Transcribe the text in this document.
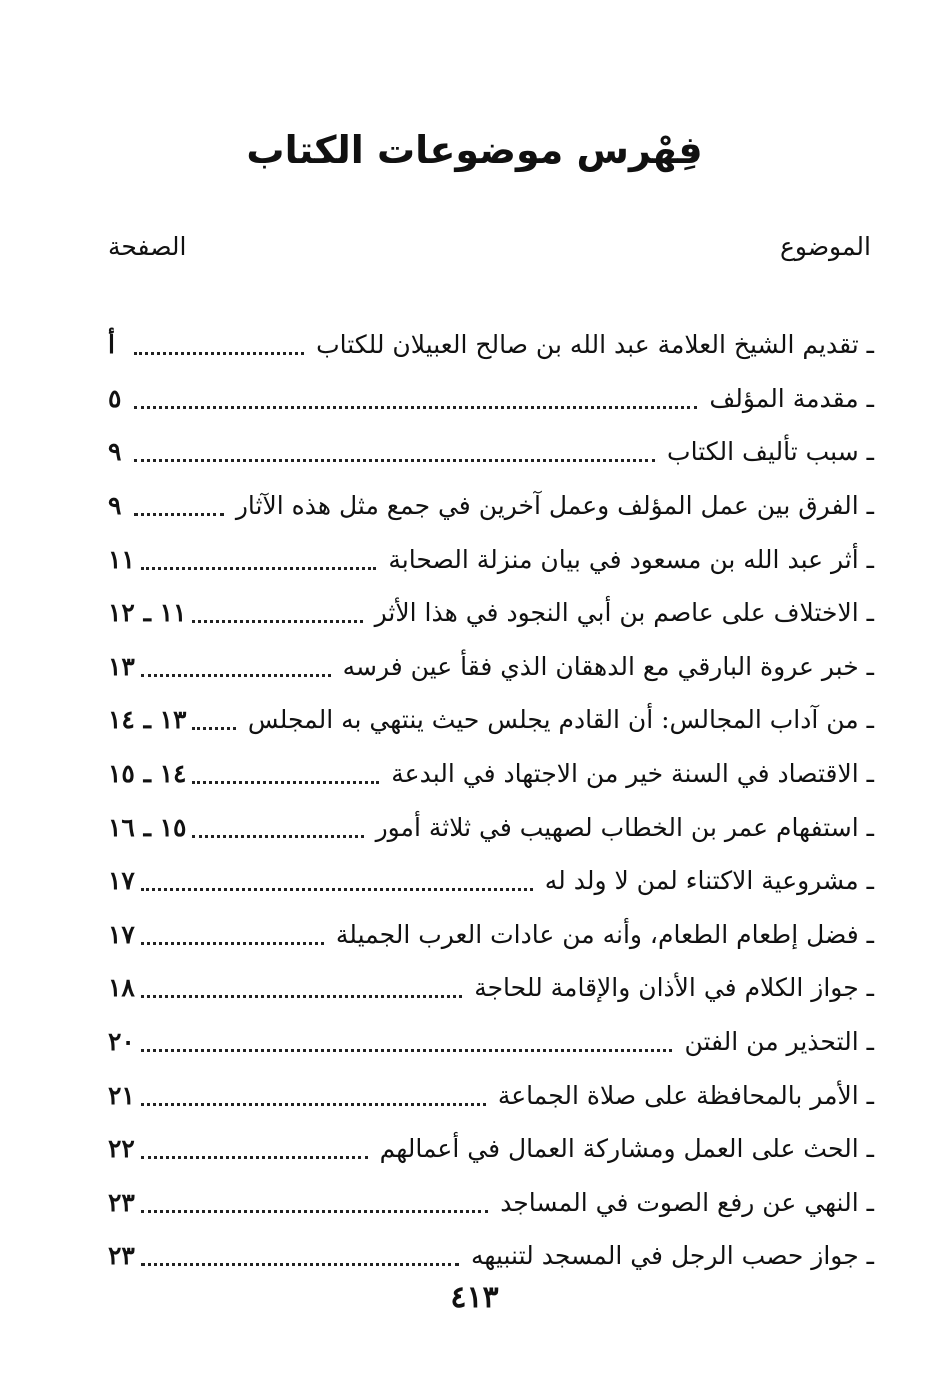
فِهْرس موضوعات الكتاب
الموضوع
الصفحة
ـ
تقديم الشيخ العلامة عبد الله بن صالح العبيلان للكتاب
أ
ـ
مقدمة المؤلف
٥
ـ
سبب تأليف الكتاب
٩
ـ
الفرق بين عمل المؤلف وعمل آخرين في جمع مثل هذه الآثار
٩
ـ
أثر عبد الله بن مسعود في بيان منزلة الصحابة
١١
ـ
الاختلاف على عاصم بن أبي النجود في هذا الأثر
١١ ـ ١٢
ـ
خبر عروة البارقي مع الدهقان الذي فقأ عين فرسه
١٣
ـ
من آداب المجالس: أن القادم يجلس حيث ينتهي به المجلس
١٣ ـ ١٤
ـ
الاقتصاد في السنة خير من الاجتهاد في البدعة
١٤ ـ ١٥
ـ
استفهام عمر بن الخطاب لصهيب في ثلاثة أمور
١٥ ـ ١٦
ـ
مشروعية الاكتناء لمن لا ولد له
١٧
ـ
فضل إطعام الطعام، وأنه من عادات العرب الجميلة
١٧
ـ
جواز الكلام في الأذان والإقامة للحاجة
١٨
ـ
التحذير من الفتن
٢٠
ـ
الأمر بالمحافظة على صلاة الجماعة
٢١
ـ
الحث على العمل ومشاركة العمال في أعمالهم
٢٢
ـ
النهي عن رفع الصوت في المساجد
٢٣
ـ
جواز حصب الرجل في المسجد لتنبيهه
٢٣
٤١٣
